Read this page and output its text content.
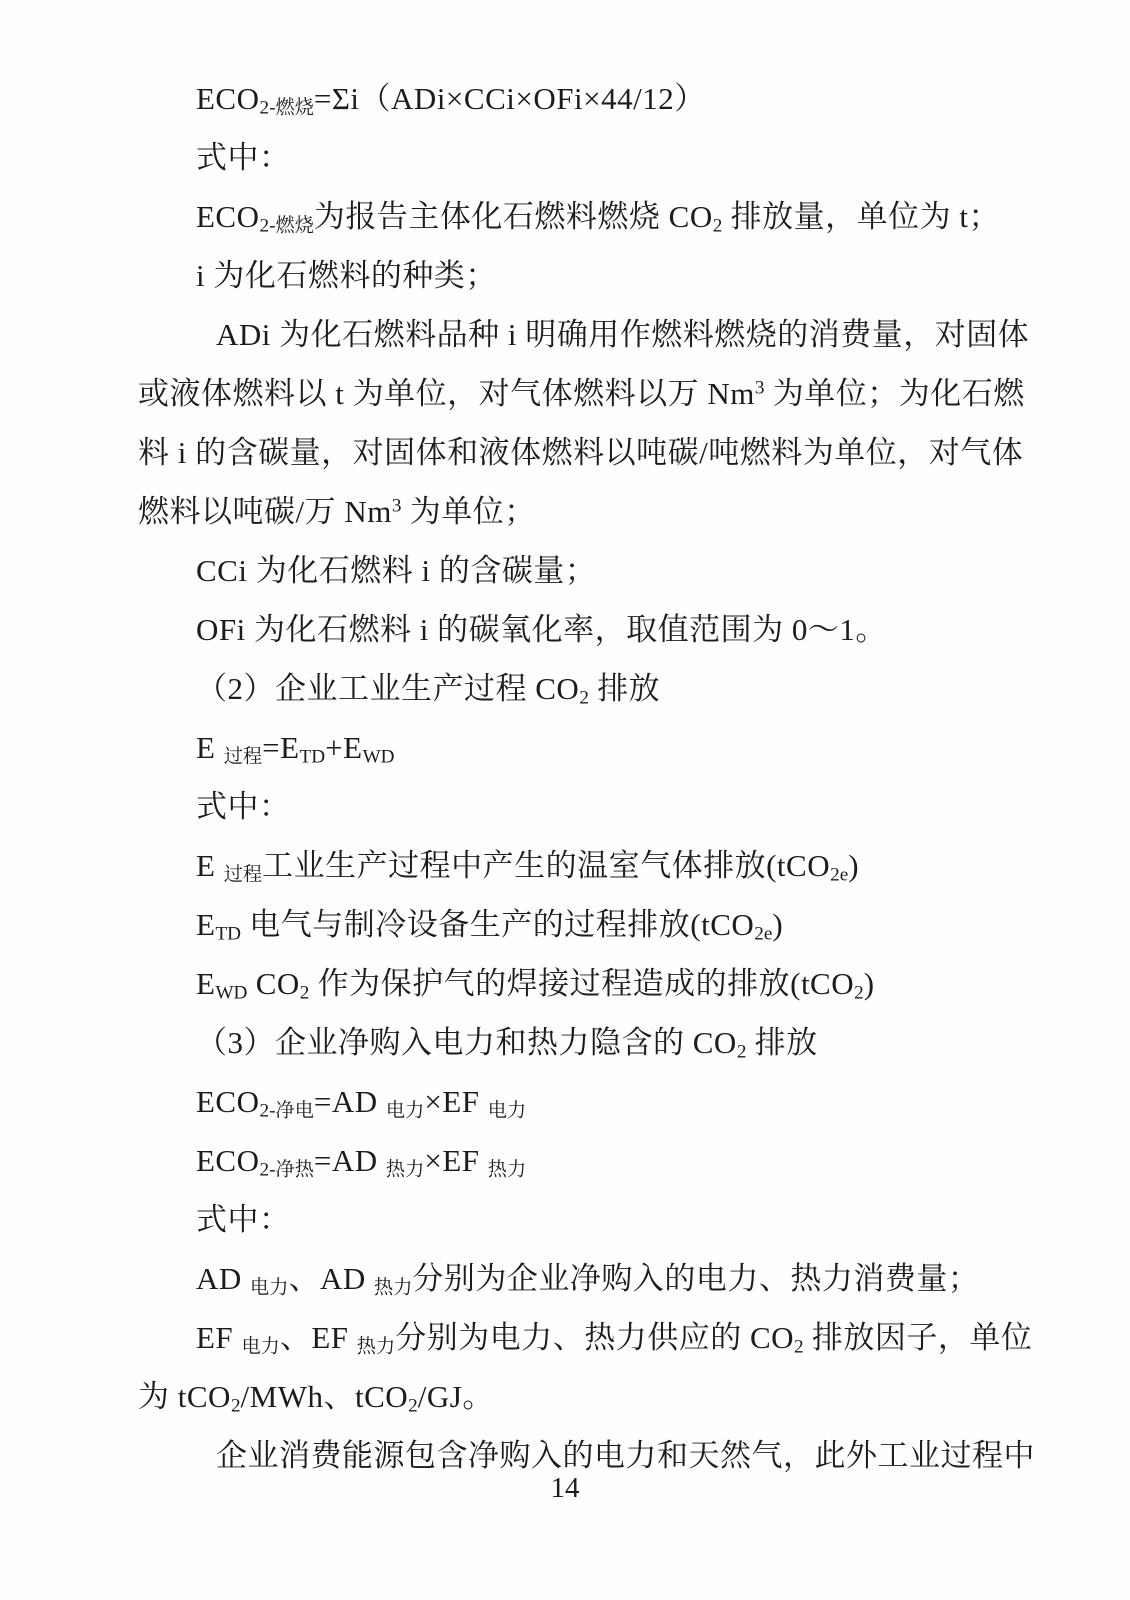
$ECO_{2-燃烧}=\Sigma i(ADi\times CCi\times OFi\times 44/12)$

式中：

$ECO_{2-燃烧}$为报告主体化石燃料燃烧 $CO_2$ 排放量，单位为 t；

i 为化石燃料的种类；

ADi 为化石燃料品种 i 明确用作燃料燃烧的消费量，对固体

或液体燃料以 t 为单位，对气体燃料以万 Nm$^3$ 为单位；为化石燃

料 i 的含碳量，对固体和液体燃料以吨碳/吨燃料为单位，对气体

燃料以吨碳/万 Nm$^3$ 为单位；

CCi 为化石燃料 i 的含碳量；

OFi 为化石燃料 i 的碳氧化率，取值范围为 0～1。

（2）企业工业生产过程 $CO_2$ 排放

E $_{过程}=E_{TD}+E_{WD}$

式中：

E $_{过程}$工业生产过程中产生的温室气体排放(tCO$_{2e}$)

$E_{TD}$ 电气与制冷设备生产的过程排放(tCO$_{2e}$)

$E_{WD}$ $CO_2$ 作为保护气的焊接过程造成的排放(tCO$_2$)

（3）企业净购入电力和热力隐含的 $CO_2$ 排放

$ECO_{2-净电}=AD$ $_{电力}$×EF $_{电力}$

$ECO_{2-净热}=AD$ $_{热力}$×EF $_{热力}$

式中：

AD $_{电力}$、AD $_{热力}$分别为企业净购入的电力、热力消费量；

EF $_{电力}$、EF $_{热力}$分别为电力、热力供应的 $CO_2$ 排放因子，单位

为 tCO$_2$/MWh、tCO$_2$/GJ。

企业消费能源包含净购入的电力和天然气，此外工业过程中

14
